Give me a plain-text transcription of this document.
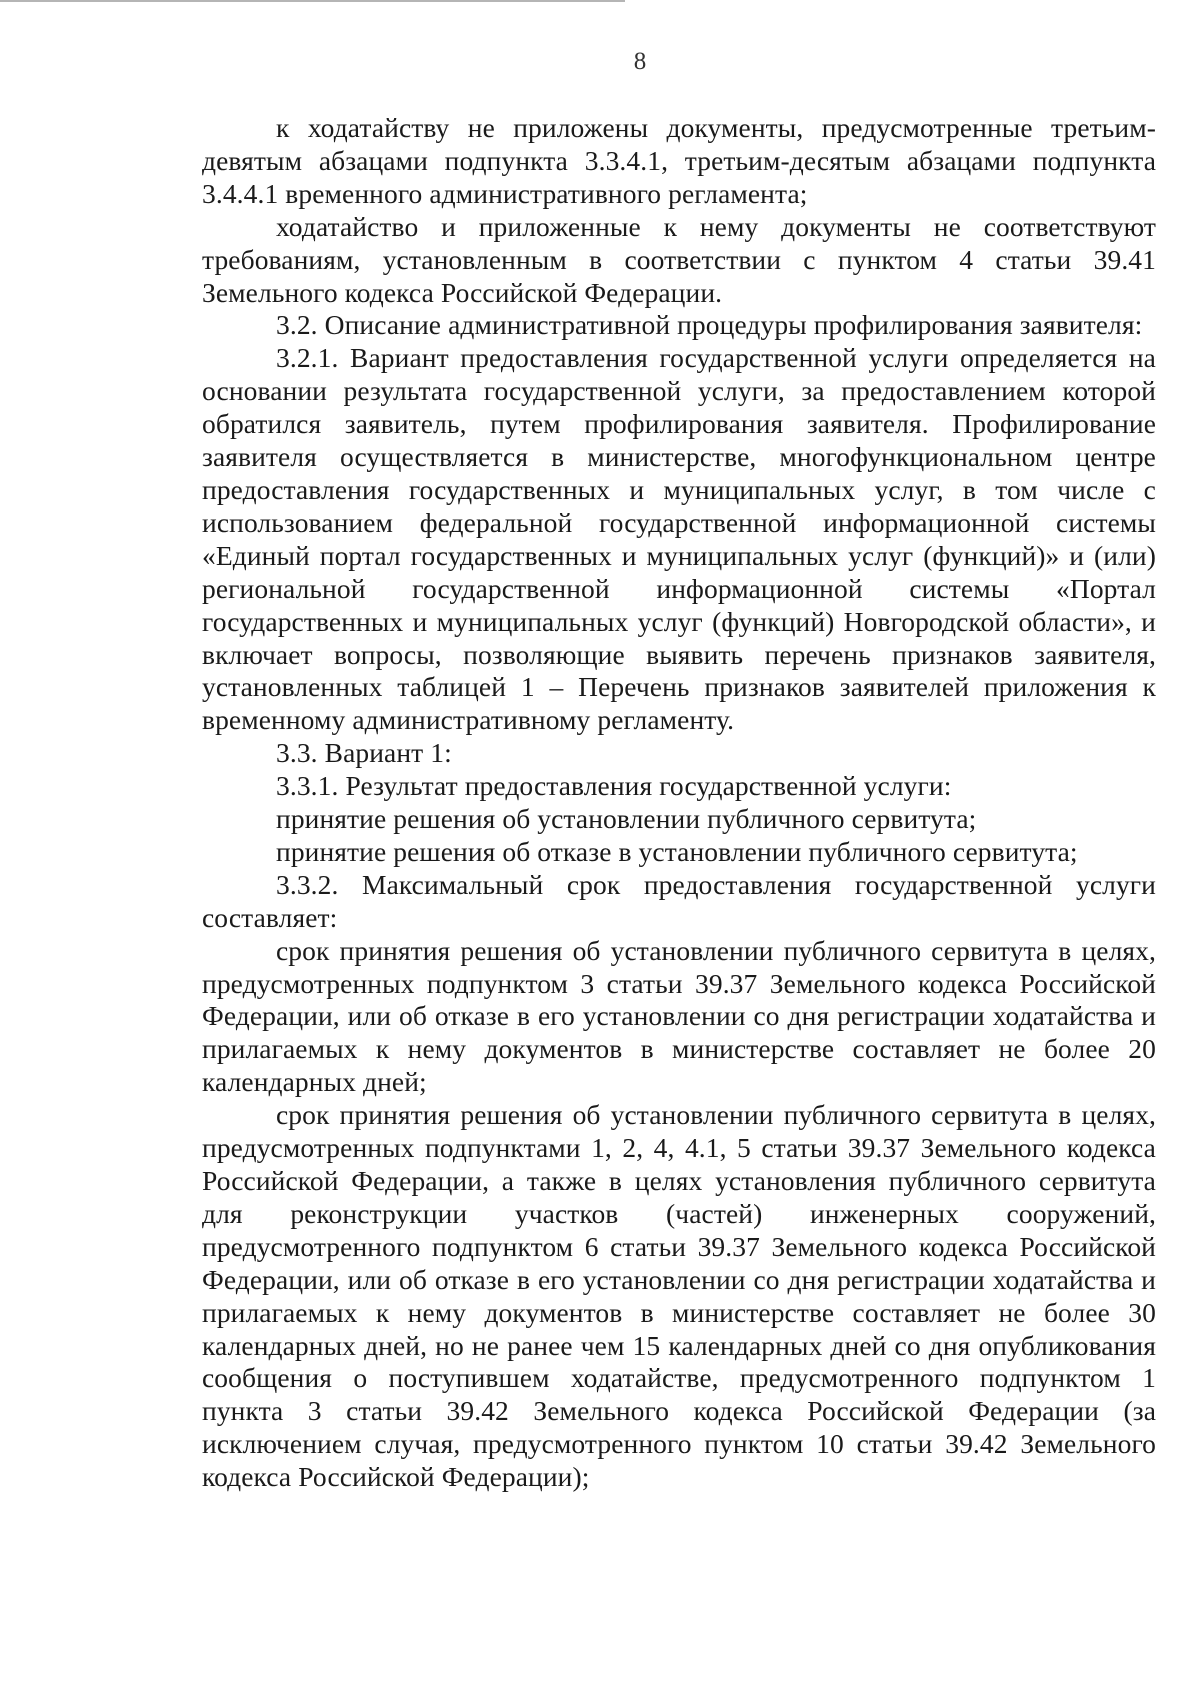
8

к ходатайству не приложены документы, предусмотренные третьим-девятым абзацами подпункта 3.3.4.1, третьим-десятым абзацами подпункта 3.4.4.1 временного административного регламента;

ходатайство и приложенные к нему документы не соответствуют требованиям, установленным в соответствии с пунктом 4 статьи 39.41 Земельного кодекса Российской Федерации.

3.2. Описание административной процедуры профилирования заявителя:

3.2.1. Вариант предоставления государственной услуги определяется на основании результата государственной услуги, за предоставлением которой обратился заявитель, путем профилирования заявителя. Профилирование заявителя осуществляется в министерстве, многофункциональном центре предоставления государственных и муниципальных услуг, в том числе с использованием федеральной государственной информационной системы «Единый портал государственных и муниципальных услуг (функций)» и (или) региональной государственной информационной системы «Портал государственных и муниципальных услуг (функций) Новгородской области», и включает вопросы, позволяющие выявить перечень признаков заявителя, установленных таблицей 1 – Перечень признаков заявителей приложения к временному административному регламенту.

3.3. Вариант 1:

3.3.1. Результат предоставления государственной услуги:

принятие решения об установлении публичного сервитута;

принятие решения об отказе в установлении публичного сервитута;

3.3.2. Максимальный срок предоставления государственной услуги составляет:

срок принятия решения об установлении публичного сервитута в целях, предусмотренных подпунктом 3 статьи 39.37 Земельного кодекса Российской Федерации, или об отказе в его установлении со дня регистрации ходатайства и прилагаемых к нему документов в министерстве составляет не более 20 календарных дней;

срок принятия решения об установлении публичного сервитута в целях, предусмотренных подпунктами 1, 2, 4, 4.1, 5 статьи 39.37 Земельного кодекса Российской Федерации, а также в целях установления публичного сервитута для реконструкции участков (частей) инженерных сооружений, предусмотренного подпунктом 6 статьи 39.37 Земельного кодекса Российской Федерации, или об отказе в его установлении со дня регистрации ходатайства и прилагаемых к нему документов в министерстве составляет не более 30 календарных дней, но не ранее чем 15 календарных дней со дня опубликования сообщения о поступившем ходатайстве, предусмотренного подпунктом 1 пункта 3 статьи 39.42 Земельного кодекса Российской Федерации (за исключением случая, предусмотренного пунктом 10 статьи 39.42 Земельного кодекса Российской Федерации);
